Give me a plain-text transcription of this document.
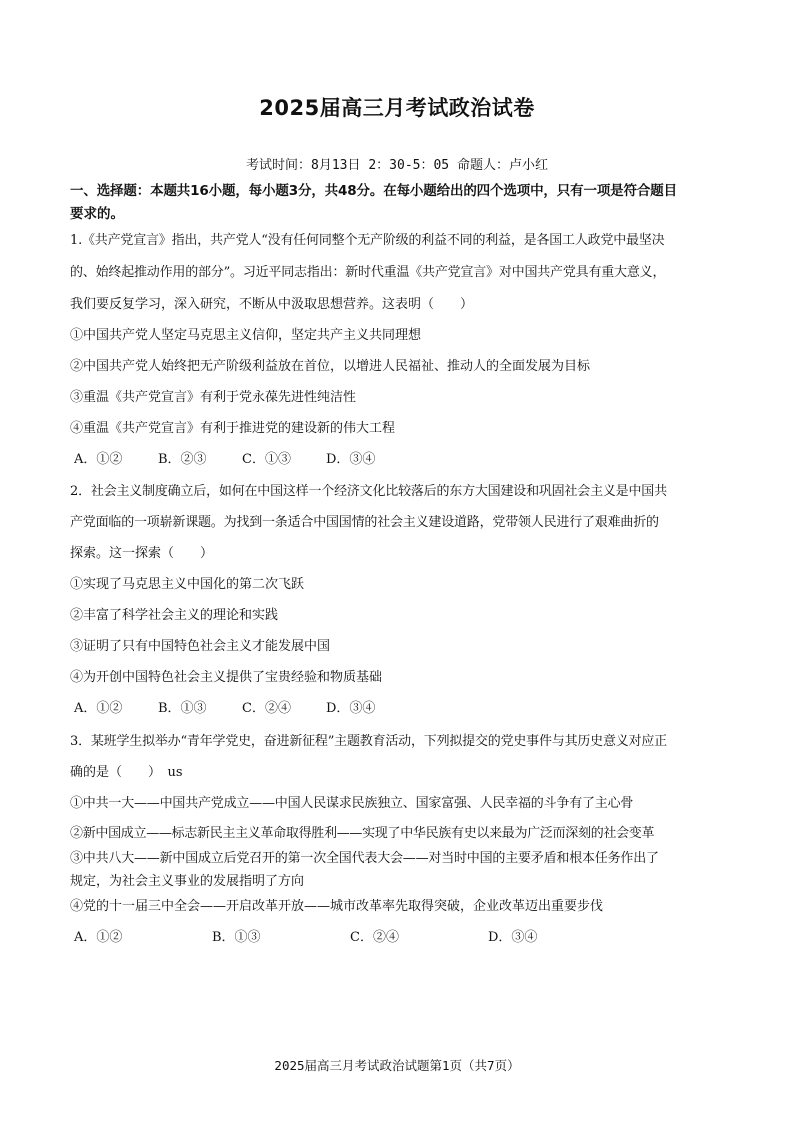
2025届高三月考试政治试卷
考试时间：8月13日 2：30-5：05 命题人：卢小红
一、选择题：本题共16小题，每小题3分，共48分。在每小题给出的四个选项中，只有一项是符合题目
要求的。
1.《共产党宣言》指出，共产党人“没有任何同整个无产阶级的利益不同的利益，是各国工人政党中最坚决
的、始终起推动作用的部分”。习近平同志指出：新时代重温《共产党宣言》对中国共产党具有重大意义，
我们要反复学习，深入研究，不断从中汲取思想营养。这表明（　　）
①中国共产党人坚定马克思主义信仰，坚定共产主义共同理想
②中国共产党人始终把无产阶级利益放在首位，以增进人民福祉、推动人的全面发展为目标
③重温《共产党宣言》有利于党永葆先进性纯洁性
④重温《共产党宣言》有利于推进党的建设新的伟大工程
A．①②	B．②③	C．①③	D．③④
2．社会主义制度确立后，如何在中国这样一个经济文化比较落后的东方大国建设和巩固社会主义是中国共
产党面临的一项崭新课题。为找到一条适合中国国情的社会主义建设道路，党带领人民进行了艰难曲折的
探索。这一探索（　　）
①实现了马克思主义中国化的第二次飞跃
②丰富了科学社会主义的理论和实践
③证明了只有中国特色社会主义才能发展中国
④为开创中国特色社会主义提供了宝贵经验和物质基础
A．①②	B．①③	C．②④	D．③④
3．某班学生拟举办“青年学党史，奋进新征程”主题教育活动，下列拟提交的党史事件与其历史意义对应正
确的是（　　）　us
①中共一大——中国共产党成立——中国人民谋求民族独立、国家富强、人民幸福的斗争有了主心骨
②新中国成立——标志新民主主义革命取得胜利——实现了中华民族有史以来最为广泛而深刻的社会变革
③中共八大——新中国成立后党召开的第一次全国代表大会——对当时中国的主要矛盾和根本任务作出了
规定，为社会主义事业的发展指明了方向
④党的十一届三中全会——开启改革开放——城市改革率先取得突破，企业改革迈出重要步伐
A．①②	B．①③	C．②④	D．③④
2025届高三月考试政治试题第1页（共7页）
